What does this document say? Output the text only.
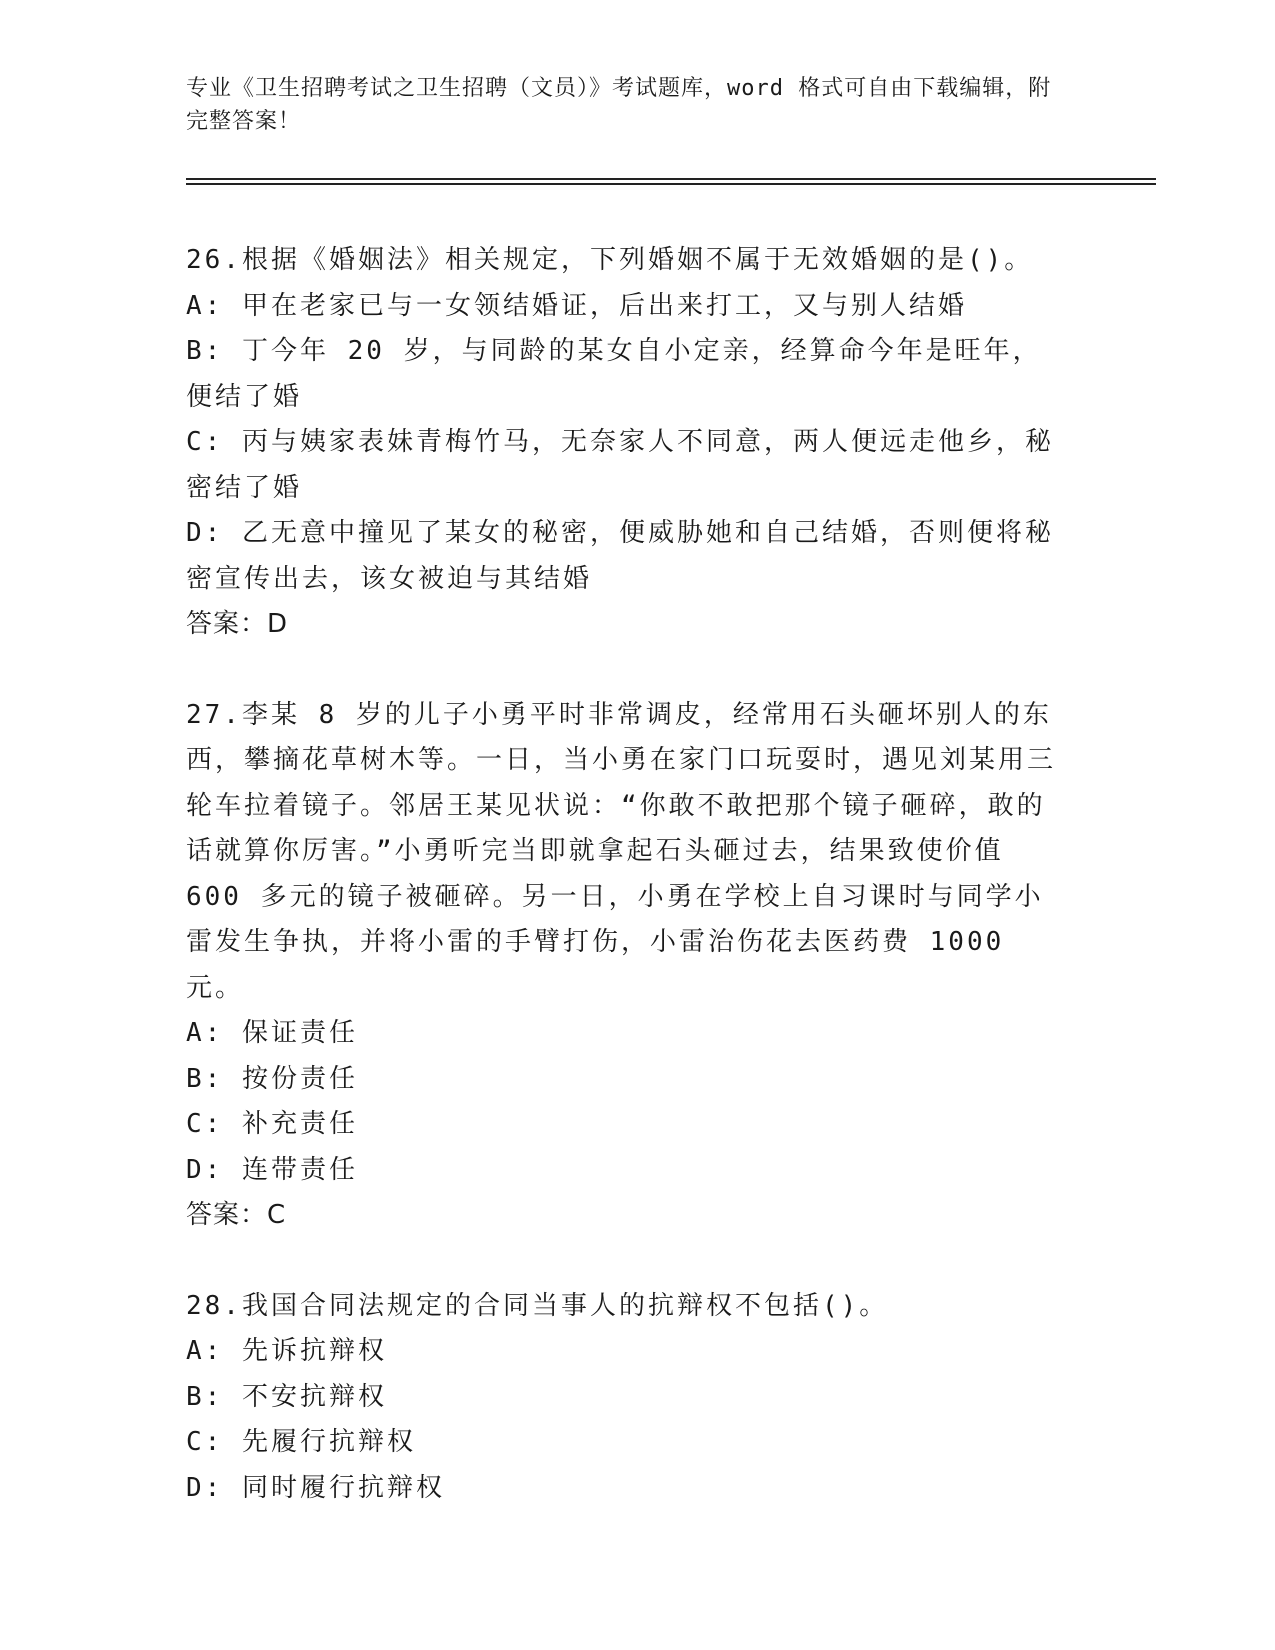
专业《卫生招聘考试之卫生招聘（文员）》考试题库，word 格式可自由下载编辑，附完整答案！

26.根据《婚姻法》相关规定，下列婚姻不属于无效婚姻的是()。

A: 甲在老家已与一女领结婚证，后出来打工，又与别人结婚

B: 丁今年 20 岁，与同龄的某女自小定亲，经算命今年是旺年，便结了婚

C: 丙与姨家表妹青梅竹马，无奈家人不同意，两人便远走他乡，秘密结了婚

D: 乙无意中撞见了某女的秘密，便威胁她和自己结婚，否则便将秘密宣传出去，该女被迫与其结婚

答案：D

27.李某 8 岁的儿子小勇平时非常调皮，经常用石头砸坏别人的东西，攀摘花草树木等。一日，当小勇在家门口玩耍时，遇见刘某用三轮车拉着镜子。邻居王某见状说：“你敢不敢把那个镜子砸碎，敢的话就算你厉害。”小勇听完当即就拿起石头砸过去，结果致使价值 600 多元的镜子被砸碎。另一日，小勇在学校上自习课时与同学小雷发生争执，并将小雷的手臂打伤，小雷治伤花去医药费 1000 元。

A: 保证责任

B: 按份责任

C: 补充责任

D: 连带责任

答案：C

28.我国合同法规定的合同当事人的抗辩权不包括()。

A: 先诉抗辩权

B: 不安抗辩权

C: 先履行抗辩权

D: 同时履行抗辩权
